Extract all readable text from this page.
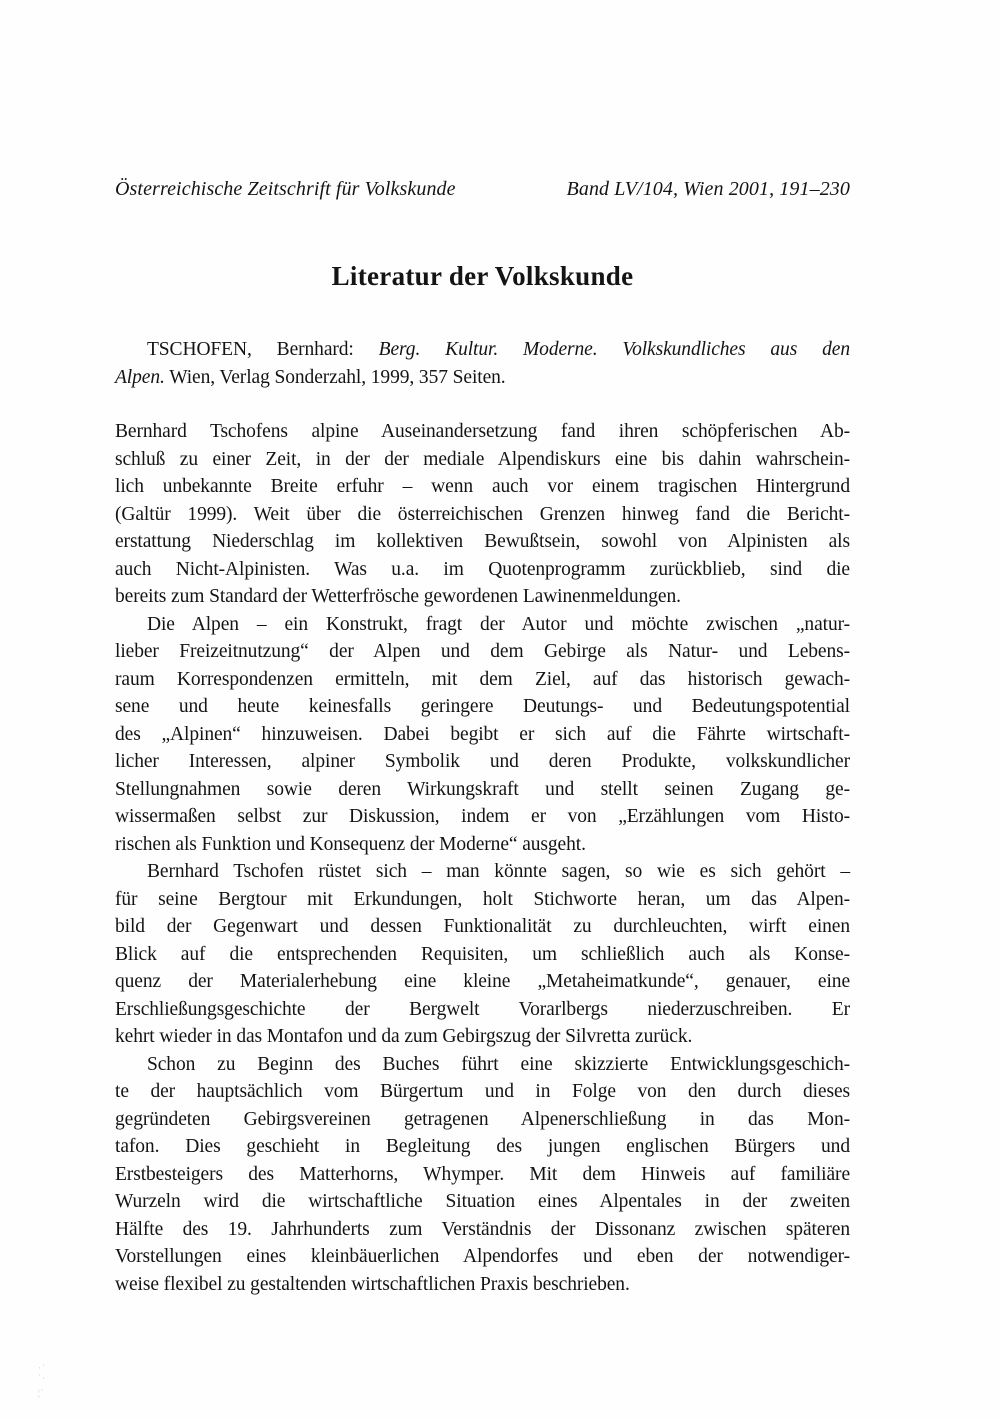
Österreichische Zeitschrift für Volkskunde	Band LV/104, Wien 2001, 191–230
Literatur der Volkskunde
TSCHOFEN, Bernhard: Berg. Kultur. Moderne. Volkskundliches aus den
Alpen. Wien, Verlag Sonderzahl, 1999, 357 Seiten.
Bernhard Tschofens alpine Auseinandersetzung fand ihren schöpferischen Ab-
schluß zu einer Zeit, in der der mediale Alpendiskurs eine bis dahin wahrschein-
lich unbekannte Breite erfuhr – wenn auch vor einem tragischen Hintergrund
(Galtür 1999). Weit über die österreichischen Grenzen hinweg fand die Bericht-
erstattung Niederschlag im kollektiven Bewußtsein, sowohl von Alpinisten als
auch Nicht-Alpinisten. Was u.a. im Quotenprogramm zurückblieb, sind die
bereits zum Standard der Wetterfrösche gewordenen Lawinenmeldungen.
Die Alpen – ein Konstrukt, fragt der Autor und möchte zwischen „natur-
lieber Freizeitnutzung“ der Alpen und dem Gebirge als Natur- und Lebens-
raum Korrespondenzen ermitteln, mit dem Ziel, auf das historisch gewach-
sene und heute keinesfalls geringere Deutungs- und Bedeutungspotential
des „Alpinen“ hinzuweisen. Dabei begibt er sich auf die Fährte wirtschaft-
licher Interessen, alpiner Symbolik und deren Produkte, volkskundlicher
Stellungnahmen sowie deren Wirkungskraft und stellt seinen Zugang ge-
wissermaßen selbst zur Diskussion, indem er von „Erzählungen vom Histo-
rischen als Funktion und Konsequenz der Moderne“ ausgeht.
Bernhard Tschofen rüstet sich – man könnte sagen, so wie es sich gehört –
für seine Bergtour mit Erkundungen, holt Stichworte heran, um das Alpen-
bild der Gegenwart und dessen Funktionalität zu durchleuchten, wirft einen
Blick auf die entsprechenden Requisiten, um schließlich auch als Konse-
quenz der Materialerhebung eine kleine „Metaheimatkunde“, genauer, eine
Erschließungsgeschichte der Bergwelt Vorarlbergs niederzuschreiben. Er
kehrt wieder in das Montafon und da zum Gebirgszug der Silvretta zurück.
Schon zu Beginn des Buches führt eine skizzierte Entwicklungsgeschich-
te der hauptsächlich vom Bürgertum und in Folge von den durch dieses
gegründeten Gebirgsvereinen getragenen Alpenerschließung in das Mon-
tafon. Dies geschieht in Begleitung des jungen englischen Bürgers und
Erstbesteigers des Matterhorns, Whymper. Mit dem Hinweis auf familiäre
Wurzeln wird die wirtschaftliche Situation eines Alpentales in der zweiten
Hälfte des 19. Jahrhunderts zum Verständnis der Dissonanz zwischen späteren
Vorstellungen eines kleinbäuerlichen Alpendorfes und eben der notwendiger-
weise flexibel zu gestaltenden wirtschaftlichen Praxis beschrieben.
·˙
˙·
¦˙
